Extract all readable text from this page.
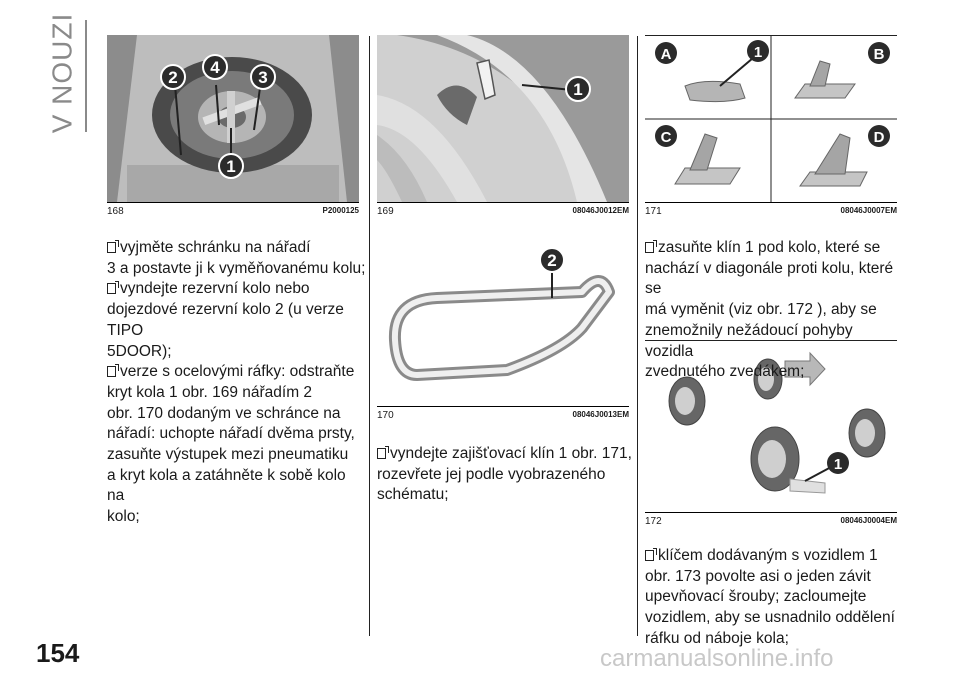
V NOUZI
154
2
4
3
1
168	P2000125
1
169	08046J0012EM
2
170	08046J0013EM
A	1	B
C	D
171	08046J0007EM
1
172	08046J0004EM

vyjměte schránku na nářadí

3 a postavte ji k vyměňovanému kolu;

vyndejte rezervní kolo nebo

dojezdové rezervní kolo 2 (u verze TIPO

5DOOR);

verze s ocelovými ráfky: odstraňte

kryt kola 1 obr. 169 nářadím 2

obr. 170 dodaným ve schránce na

nářadí: uchopte nářadí dvěma prsty,

zasuňte výstupek mezi pneumatiku

a kryt kola a zatáhněte k sobě kolo na

kolo;

vyndejte zajišťovací klín 1 obr. 171,

rozevřete jej podle vyobrazeného

schématu;

zasuňte klín 1 pod kolo, které se

nachází v diagonále proti kolu, které se

má vyměnit (viz obr. 172 ), aby se

znemožnily nežádoucí pohyby vozidla

zvednutého zvedákem;

klíčem dodávaným s vozidlem 1

obr. 173 povolte asi o jeden závit

upevňovací šrouby; zacloumejte

vozidlem, aby se usnadnilo oddělení

ráfku od náboje kola;

carmanualsonline.info
